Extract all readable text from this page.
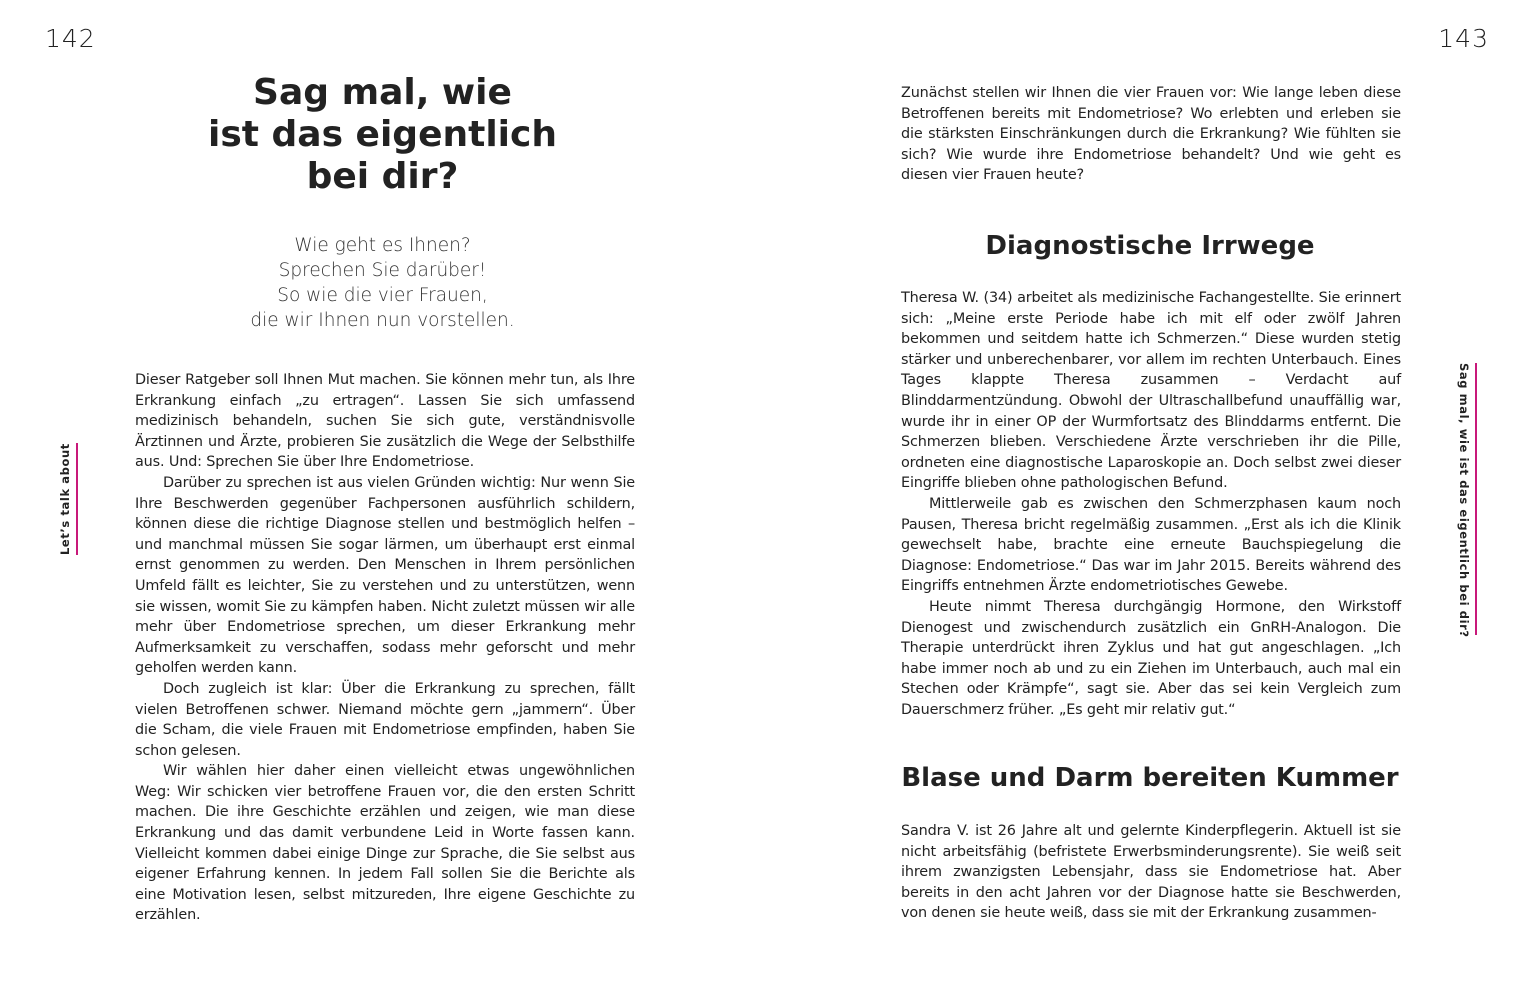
142	143
Let’s talk about	Sag mal, wie ist das eigentlich bei dir?
Sag mal, wie
ist das eigentlich
bei dir?
Wie geht es Ihnen?
Sprechen Sie darüber!
So wie die vier Frauen,
die wir Ihnen nun vorstellen.

Dieser Ratgeber soll Ihnen Mut machen. Sie können mehr tun, als Ihre Erkrankung einfach „zu ertragen“. Lassen Sie sich umfassend medizinisch behandeln, suchen Sie sich gute, verständnisvolle Ärztinnen und Ärzte, probieren Sie zusätzlich die Wege der Selbsthilfe aus. Und: Sprechen Sie über Ihre Endometriose.

Darüber zu sprechen ist aus vielen Gründen wichtig: Nur wenn Sie Ihre Beschwerden gegenüber Fachpersonen ausführlich schildern, können diese die richtige Diagnose stellen und bestmöglich helfen – und manchmal müssen Sie sogar lärmen, um überhaupt erst einmal ernst genommen zu werden. Den Menschen in Ihrem persönlichen Umfeld fällt es leichter, Sie zu verstehen und zu unterstützen, wenn sie wissen, womit Sie zu kämpfen haben. Nicht zuletzt müssen wir alle mehr über Endometriose sprechen, um dieser Erkrankung mehr Aufmerksamkeit zu verschaffen, sodass mehr geforscht und mehr geholfen werden kann.

Doch zugleich ist klar: Über die Erkrankung zu sprechen, fällt vielen Betroffenen schwer. Niemand möchte gern „jammern“. Über die Scham, die viele Frauen mit Endometriose empfinden, haben Sie schon gelesen.

Wir wählen hier daher einen vielleicht etwas ungewöhnlichen Weg: Wir schicken vier betroffene Frauen vor, die den ersten Schritt machen. Die ihre Geschichte erzählen und zeigen, wie man diese Erkrankung und das damit verbundene Leid in Worte fassen kann. Vielleicht kommen dabei einige Dinge zur Sprache, die Sie selbst aus eigener Erfahrung kennen. In jedem Fall sollen Sie die Berichte als eine Motivation lesen, selbst mitzureden, Ihre eigene Geschichte zu erzählen.

Zunächst stellen wir Ihnen die vier Frauen vor: Wie lange leben diese Betroffenen bereits mit Endometriose? Wo erlebten und erleben sie die stärksten Einschränkungen durch die Erkrankung? Wie fühlten sie sich? Wie wurde ihre Endometriose behandelt? Und wie geht es diesen vier Frauen heute?

Diagnostische Irrwege

Theresa W. (34) arbeitet als medizinische Fachangestellte. Sie erinnert sich: „Meine erste Periode habe ich mit elf oder zwölf Jahren bekommen und seitdem hatte ich Schmerzen.“ Diese wurden stetig stärker und unberechenbarer, vor allem im rechten Unterbauch. Eines Tages klappte Theresa zusammen – Verdacht auf Blinddarmentzündung. Obwohl der Ultraschallbefund unauffällig war, wurde ihr in einer OP der Wurmfortsatz des Blinddarms entfernt. Die Schmerzen blieben. Verschiedene Ärzte verschrieben ihr die Pille, ordneten eine diagnostische Laparoskopie an. Doch selbst zwei dieser Eingriffe blieben ohne pathologischen Befund.

Mittlerweile gab es zwischen den Schmerzphasen kaum noch Pausen, Theresa bricht regelmäßig zusammen. „Erst als ich die Klinik gewechselt habe, brachte eine erneute Bauchspiegelung die Diagnose: Endometriose.“ Das war im Jahr 2015. Bereits während des Eingriffs entnehmen Ärzte endometriotisches Gewebe.

Heute nimmt Theresa durchgängig Hormone, den Wirkstoff Dienogest und zwischendurch zusätzlich ein GnRH-Analogon. Die Therapie unterdrückt ihren Zyklus und hat gut angeschlagen. „Ich habe immer noch ab und zu ein Ziehen im Unterbauch, auch mal ein Stechen oder Krämpfe“, sagt sie. Aber das sei kein Vergleich zum Dauerschmerz früher. „Es geht mir relativ gut.“

Blase und Darm bereiten Kummer

Sandra V. ist 26 Jahre alt und gelernte Kinderpflegerin. Aktuell ist sie nicht arbeitsfähig (befristete Erwerbsminderungsrente). Sie weiß seit ihrem zwanzigsten Lebensjahr, dass sie Endometriose hat. Aber bereits in den acht Jahren vor der Diagnose hatte sie Beschwerden, von denen sie heute weiß, dass sie mit der Erkrankung zusammen-
